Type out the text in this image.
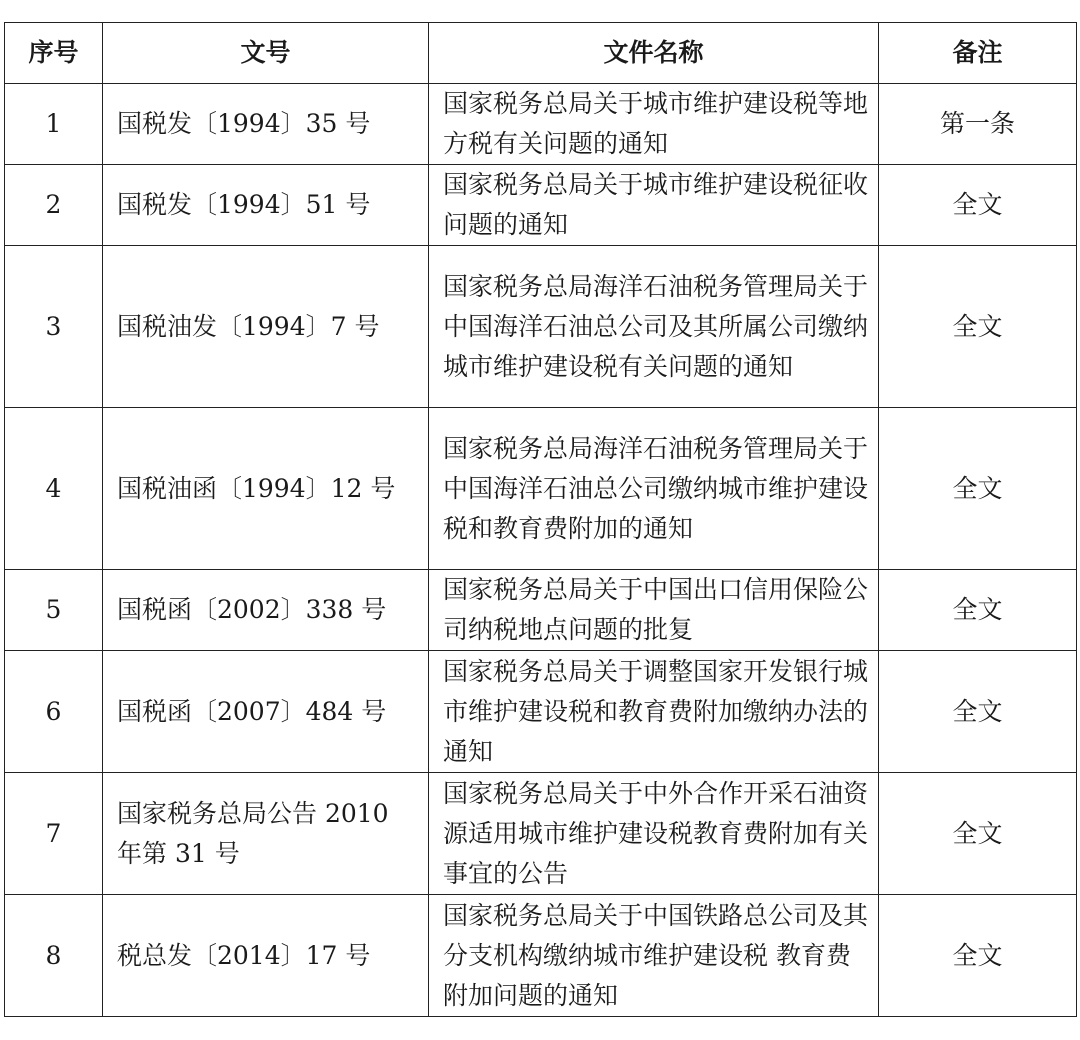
序号	文号	文件名称	备注
1	国税发〔1994〕35 号	国家税务总局关于城市维护建设税等地方税有关问题的通知	第一条
2	国税发〔1994〕51 号	国家税务总局关于城市维护建设税征收问题的通知	全文
3	国税油发〔1994〕7 号	国家税务总局海洋石油税务管理局关于中国海洋石油总公司及其所属公司缴纳城市维护建设税有关问题的通知	全文
4	国税油函〔1994〕12 号	国家税务总局海洋石油税务管理局关于中国海洋石油总公司缴纳城市维护建设税和教育费附加的通知	全文
5	国税函〔2002〕338 号	国家税务总局关于中国出口信用保险公司纳税地点问题的批复	全文
6	国税函〔2007〕484 号	国家税务总局关于调整国家开发银行城市维护建设税和教育费附加缴纳办法的通知	全文
7	国家税务总局公告 2010 年第 31 号	国家税务总局关于中外合作开采石油资源适用城市维护建设税教育费附加有关事宜的公告	全文
8	税总发〔2014〕17 号	国家税务总局关于中国铁路总公司及其分支机构缴纳城市维护建设税 教育费附加问题的通知	全文
